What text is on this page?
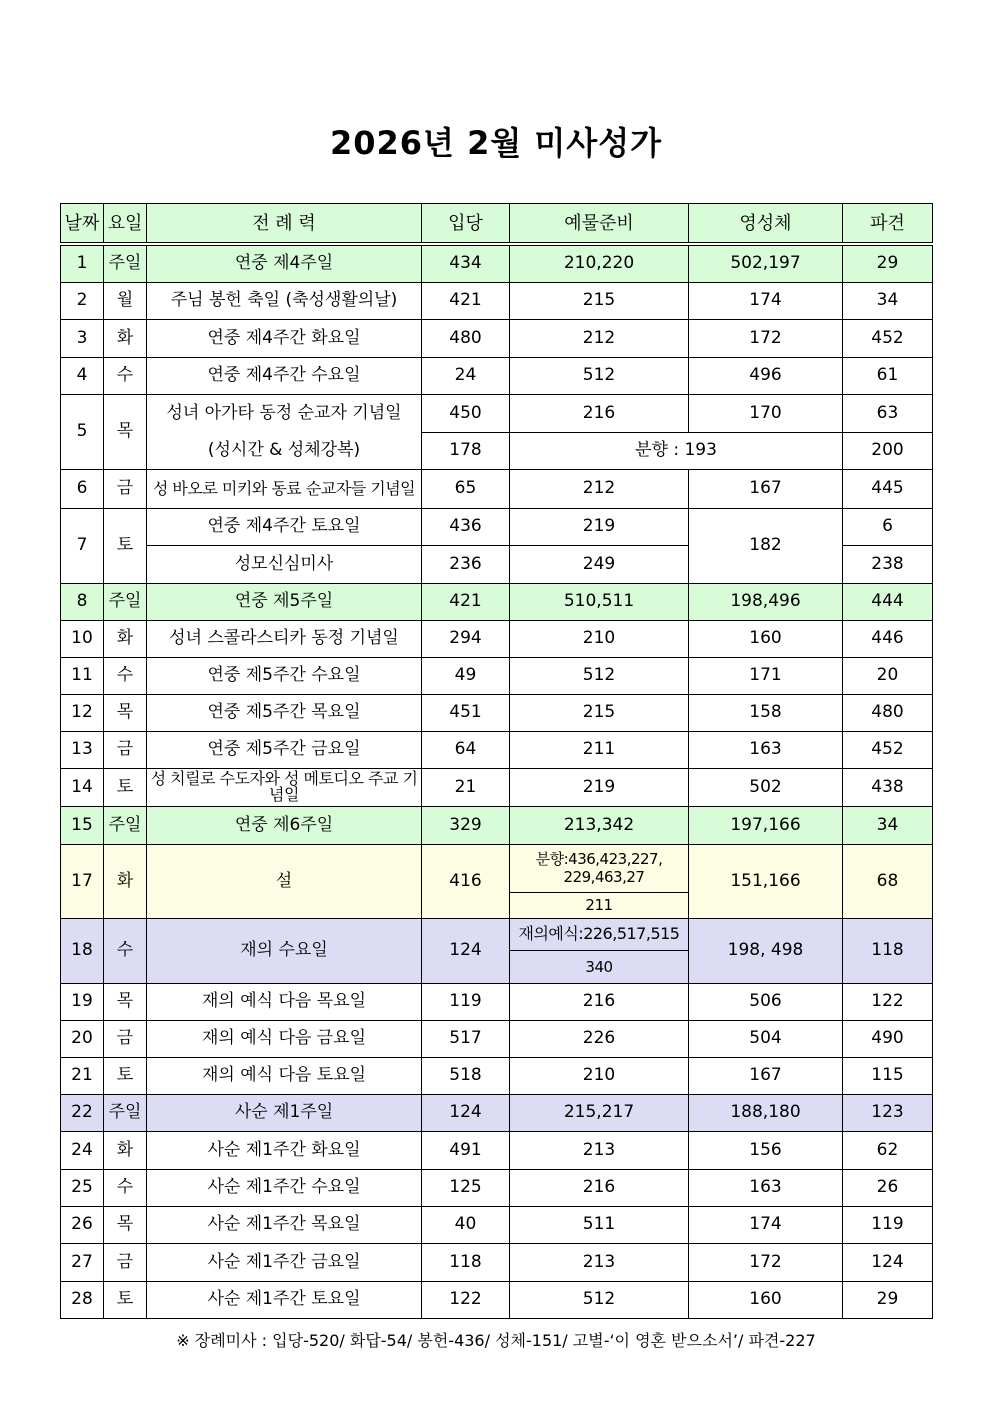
2026년 2월 미사성가
날짜	요일	전 례 력	입당	예물준비	영성체	파견
1	주일	연중 제4주일	434	210,220	502,197	29
2	월	주님 봉헌 축일 (축성생활의날)	421	215	174	34
3	화	연중 제4주간 화요일	480	212	172	452
4	수	연중 제4주간 수요일	24	512	496	61
5	목	성녀 아가타 동정 순교자 기념일
(성시간 & 성체강복)	450	216	170	63
			178	분향 : 193		200
6	금	성 바오로 미키와 동료 순교자들 기념일	65	212	167	445
7	토	연중 제4주간 토요일	436	219	182	6
		성모신심미사	236	249		238
8	주일	연중 제5주일	421	510,511	198,496	444
10	화	성녀 스콜라스티카 동정 기념일	294	210	160	446
11	수	연중 제5주간 수요일	49	512	171	20
12	목	연중 제5주간 목요일	451	215	158	480
13	금	연중 제5주간 금요일	64	211	163	452
14	토	성 치릴로 수도자와 성 메토디오 주교 기념일	21	219	502	438
15	주일	연중 제6주일	329	213,342	197,166	34
17	화	설	416	분향:436,423,227,
229,463,27	151,166	68
				211		
18	수	재의 수요일	124	재의예식:226,517,515	198, 498	118
				340		
19	목	재의 예식 다음 목요일	119	216	506	122
20	금	재의 예식 다음 금요일	517	226	504	490
21	토	재의 예식 다음 토요일	518	210	167	115
22	주일	사순 제1주일	124	215,217	188,180	123
24	화	사순 제1주간 화요일	491	213	156	62
25	수	사순 제1주간 수요일	125	216	163	26
26	목	사순 제1주간 목요일	40	511	174	119
27	금	사순 제1주간 금요일	118	213	172	124
28	토	사순 제1주간 토요일	122	512	160	29
※ 장례미사 : 입당-520/ 화답-54/ 봉헌-436/ 성체-151/ 고별-‘이 영혼 받으소서’/ 파견-227
